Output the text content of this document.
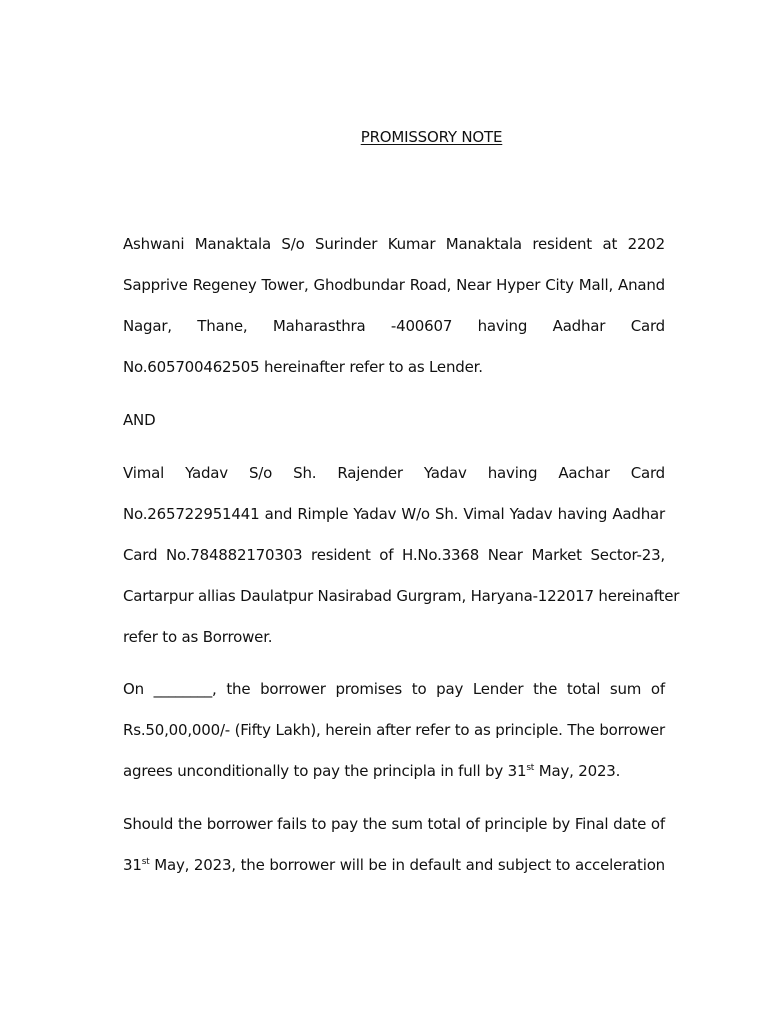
PROMISSORY NOTE
Ashwani Manaktala S/o Surinder Kumar Manaktala resident at 2202
Sapprive Regeney Tower, Ghodbundar Road, Near Hyper City Mall, Anand
Nagar, Thane, Maharasthra -400607 having Aadhar Card
No.605700462505 hereinafter refer to as Lender.
AND
Vimal Yadav S/o Sh. Rajender Yadav having Aachar Card
No.265722951441 and Rimple Yadav W/o Sh. Vimal Yadav having Aadhar
Card No.784882170303 resident of H.No.3368 Near Market Sector-23,
Cartarpur allias Daulatpur Nasirabad Gurgram, Haryana-122017 hereinafter
refer to as Borrower.
On ________, the borrower promises to pay Lender the total sum of
Rs.50,00,000/- (Fifty Lakh), herein after refer to as principle. The borrower
agrees unconditionally to pay the principla in full by 31st May, 2023.
Should the borrower fails to pay the sum total of principle by Final date of
31st May, 2023, the borrower will be in default and subject to acceleration
